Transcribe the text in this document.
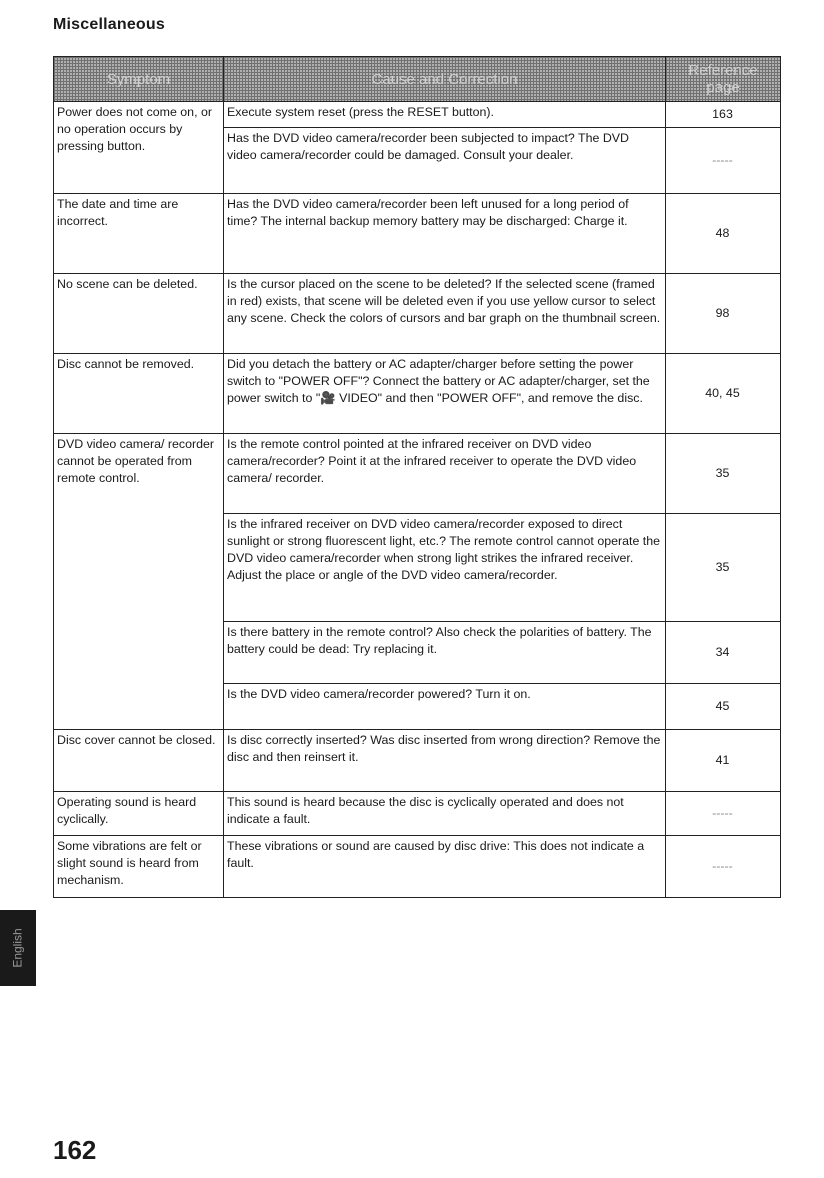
Miscellaneous
Symptom	Cause and Correction	Reference page
Power does not come on, or no operation occurs by pressing button.	Execute system reset (press the RESET button).	163
	Has the DVD video camera/recorder been subjected to impact? The DVD video camera/recorder could be damaged. Consult your dealer.	-----
The date and time are incorrect.	Has the DVD video camera/recorder been left unused for a long period of time? The internal backup memory battery may be discharged: Charge it.	48
No scene can be deleted.	Is the cursor placed on the scene to be deleted? If the selected scene (framed in red) exists, that scene will be deleted even if you use yellow cursor to select any scene. Check the colors of cursors and bar graph on the thumbnail screen.	98
Disc cannot be removed.	Did you detach the battery or AC adapter/charger before setting the power switch to "POWER OFF"? Connect the battery or AC adapter/charger, set the power switch to "🎥 VIDEO" and then "POWER OFF", and remove the disc.	40, 45
DVD video camera/ recorder cannot be operated from remote control.	Is the remote control pointed at the infrared receiver on DVD video camera/recorder? Point it at the infrared receiver to operate the DVD video camera/ recorder.	35
	Is the infrared receiver on DVD video camera/recorder exposed to direct sunlight or strong fluorescent light, etc.? The remote control cannot operate the DVD video camera/recorder when strong light strikes the infrared receiver. Adjust the place or angle of the DVD video camera/recorder.	35
	Is there battery in the remote control? Also check the polarities of battery. The battery could be dead: Try replacing it.	34
	Is the DVD video camera/recorder powered? Turn it on.	45
Disc cover cannot be closed.	Is disc correctly inserted? Was disc inserted from wrong direction? Remove the disc and then reinsert it.	41
Operating sound is heard cyclically.	This sound is heard because the disc is cyclically operated and does not indicate a fault.	-----
Some vibrations are felt or slight sound is heard from mechanism.	These vibrations or sound are caused by disc drive: This does not indicate a fault.	-----
English
162
